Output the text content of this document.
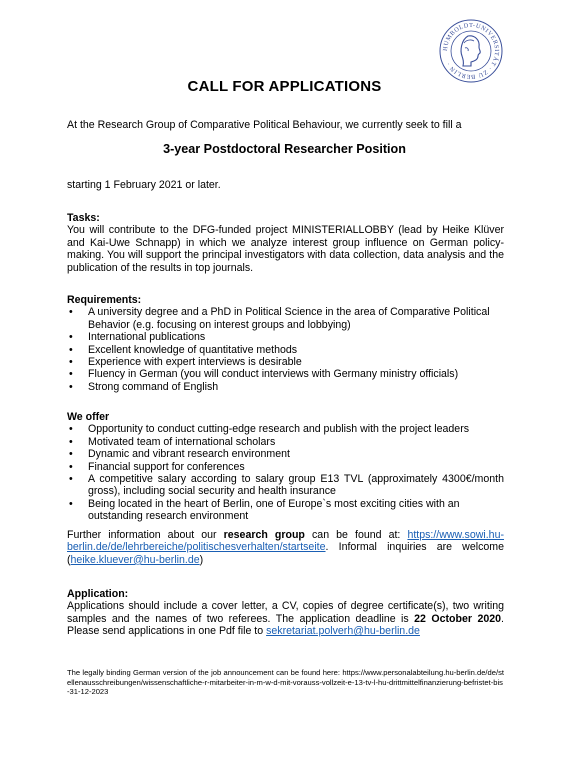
HUMBOLDT-UNIVERSITÄT · ZU BERLIN ·
CALL FOR APPLICATIONS
At the Research Group of Comparative Political Behaviour, we currently seek to fill a
3-year Postdoctoral Researcher Position
starting 1 February 2021 or later.
Tasks:
You will contribute to the DFG-funded project MINISTERIALLOBBY (lead by Heike Klüver and Kai-Uwe Schnapp) in which we analyze interest group influence on German policy-making. You will support the principal investigators with data collection, data analysis and the publication of the results in top journals.
Requirements:
• A university degree and a PhD in Political Science in the area of Comparative Political Behavior (e.g. focusing on interest groups and lobbying)
• International publications
• Excellent knowledge of quantitative methods
• Experience with expert interviews is desirable
• Fluency in German (you will conduct interviews with Germany ministry officials)
• Strong command of English
We offer
• Opportunity to conduct cutting-edge research and publish with the project leaders
• Motivated team of international scholars
• Dynamic and vibrant research environment
• Financial support for conferences
• A competitive salary according to salary group E13 TVL (approximately 4300€/month gross), including social security and health insurance
• Being located in the heart of Berlin, one of Europe`s most exciting cities with an outstanding research environment
Further information about our research group can be found at: https://www.sowi.hu-berlin.de/de/lehrbereiche/politischesverhalten/startseite. Informal inquiries are welcome (heike.kluever@hu-berlin.de)
Application:
Applications should include a cover letter, a CV, copies of degree certificate(s), two writing samples and the names of two referees. The application deadline is 22 October 2020. Please send applications in one Pdf file to sekretariat.polverh@hu-berlin.de
The legally binding German version of the job announcement can be found here: https://www.personalabteilung.hu-berlin.de/de/stellenausschreibungen/wissenschaftliche-r-mitarbeiter-in-m-w-d-mit-vorauss-vollzeit-e-13-tv-l-hu-drittmittelfinanzierung-befristet-bis-31-12-2023
